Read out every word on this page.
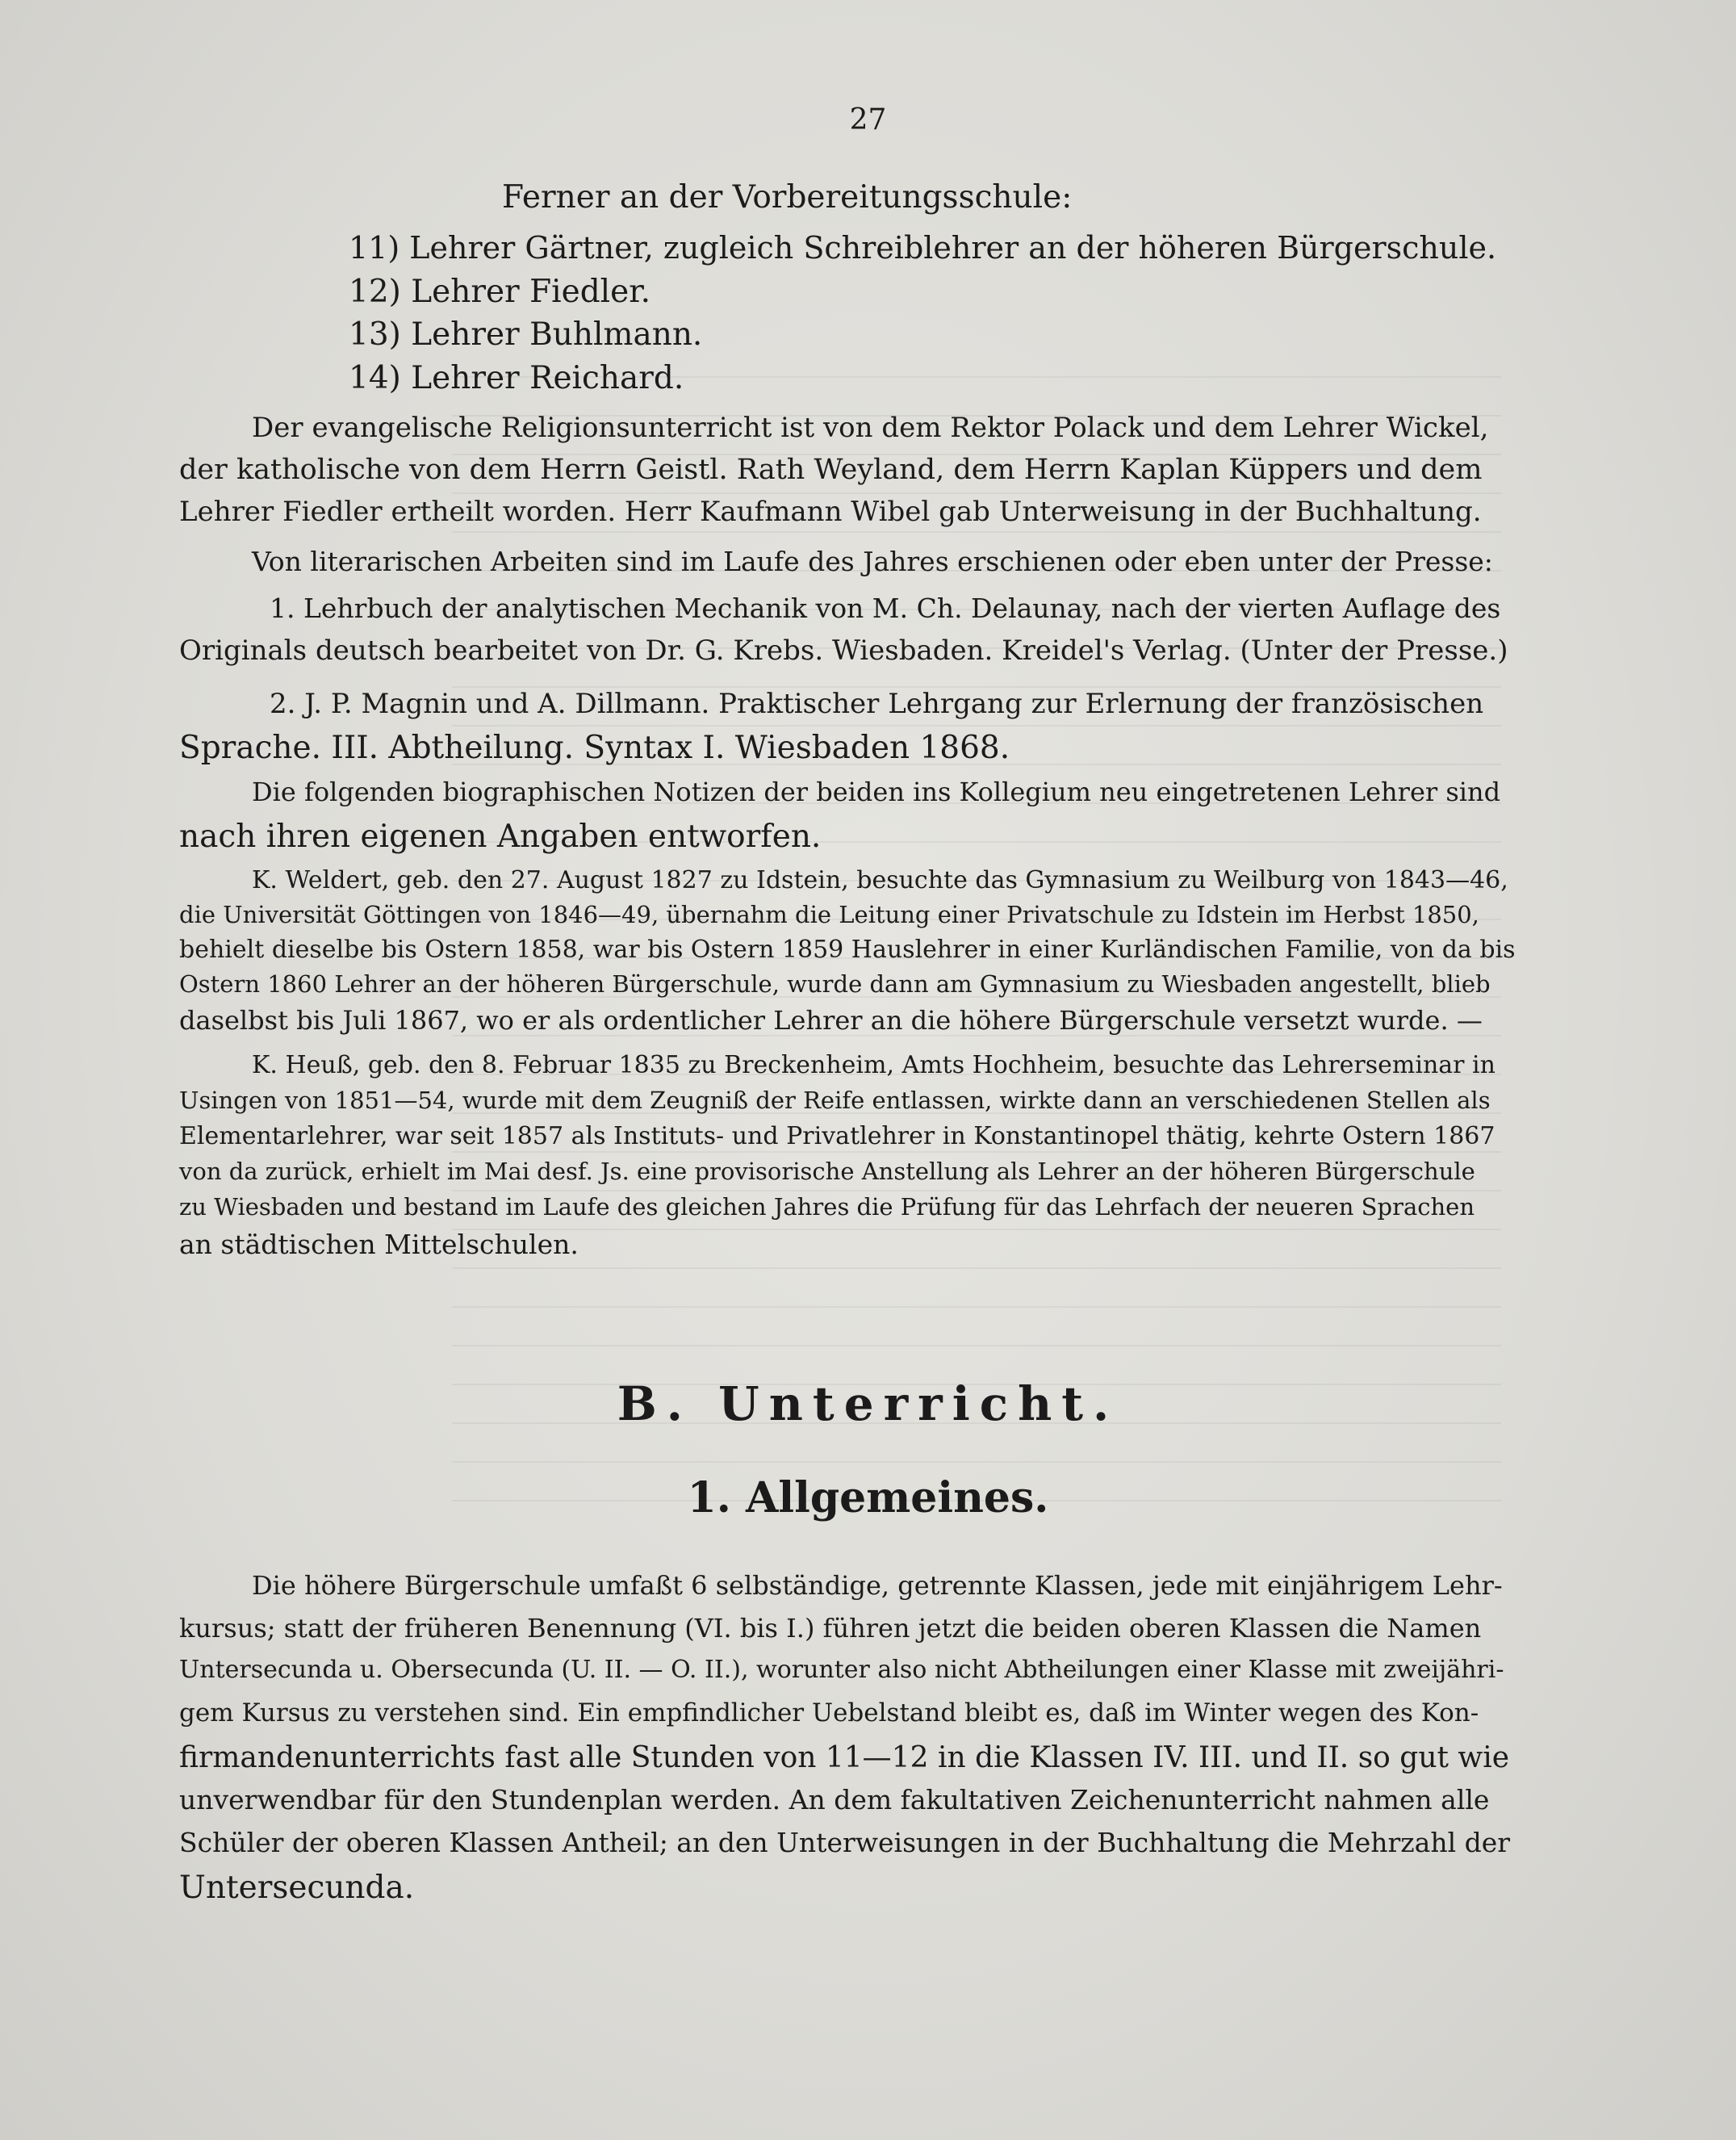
27
Ferner an der Vorbereitungsschule:
11) Lehrer Gärtner, zugleich Schreiblehrer an der höheren Bürgerschule.
12) Lehrer Fiedler.
13) Lehrer Buhlmann.
14) Lehrer Reichard.
Der evangelische Religionsunterricht ist von dem Rektor Polack und dem Lehrer Wickel,
der katholische von dem Herrn Geistl. Rath Weyland, dem Herrn Kaplan Küppers und dem
Lehrer Fiedler ertheilt worden. Herr Kaufmann Wibel gab Unterweisung in der Buchhaltung.
Von literarischen Arbeiten sind im Laufe des Jahres erschienen oder eben unter der Presse:
1. Lehrbuch der analytischen Mechanik von M. Ch. Delaunay, nach der vierten Auflage des
Originals deutsch bearbeitet von Dr. G. Krebs. Wiesbaden. Kreidel's Verlag. (Unter der Presse.)
2. J. P. Magnin und A. Dillmann. Praktischer Lehrgang zur Erlernung der französischen
Sprache. III. Abtheilung. Syntax I. Wiesbaden 1868.
Die folgenden biographischen Notizen der beiden ins Kollegium neu eingetretenen Lehrer sind
nach ihren eigenen Angaben entworfen.
K. Weldert, geb. den 27. August 1827 zu Idstein, besuchte das Gymnasium zu Weilburg von 1843—46,
die Universität Göttingen von 1846—49, übernahm die Leitung einer Privatschule zu Idstein im Herbst 1850,
behielt dieselbe bis Ostern 1858, war bis Ostern 1859 Hauslehrer in einer Kurländischen Familie, von da bis
Ostern 1860 Lehrer an der höheren Bürgerschule, wurde dann am Gymnasium zu Wiesbaden angestellt, blieb
daselbst bis Juli 1867, wo er als ordentlicher Lehrer an die höhere Bürgerschule versetzt wurde. —
K. Heuß, geb. den 8. Februar 1835 zu Breckenheim, Amts Hochheim, besuchte das Lehrerseminar in
Usingen von 1851—54, wurde mit dem Zeugniß der Reife entlassen, wirkte dann an verschiedenen Stellen als
Elementarlehrer, war seit 1857 als Instituts- und Privatlehrer in Konstantinopel thätig, kehrte Ostern 1867
von da zurück, erhielt im Mai desf. Js. eine provisorische Anstellung als Lehrer an der höheren Bürgerschule
zu Wiesbaden und bestand im Laufe des gleichen Jahres die Prüfung für das Lehrfach der neueren Sprachen
an städtischen Mittelschulen.
B. Unterricht.
1. Allgemeines.
Die höhere Bürgerschule umfaßt 6 selbständige, getrennte Klassen, jede mit einjährigem Lehr-
kursus; statt der früheren Benennung (VI. bis I.) führen jetzt die beiden oberen Klassen die Namen
Untersecunda u. Obersecunda (U. II. — O. II.), worunter also nicht Abtheilungen einer Klasse mit zweijähri-
gem Kursus zu verstehen sind. Ein empfindlicher Uebelstand bleibt es, daß im Winter wegen des Kon-
firmandenunterrichts fast alle Stunden von 11—12 in die Klassen IV. III. und II. so gut wie
unverwendbar für den Stundenplan werden. An dem fakultativen Zeichenunterricht nahmen alle
Schüler der oberen Klassen Antheil; an den Unterweisungen in der Buchhaltung die Mehrzahl der
Untersecunda.
